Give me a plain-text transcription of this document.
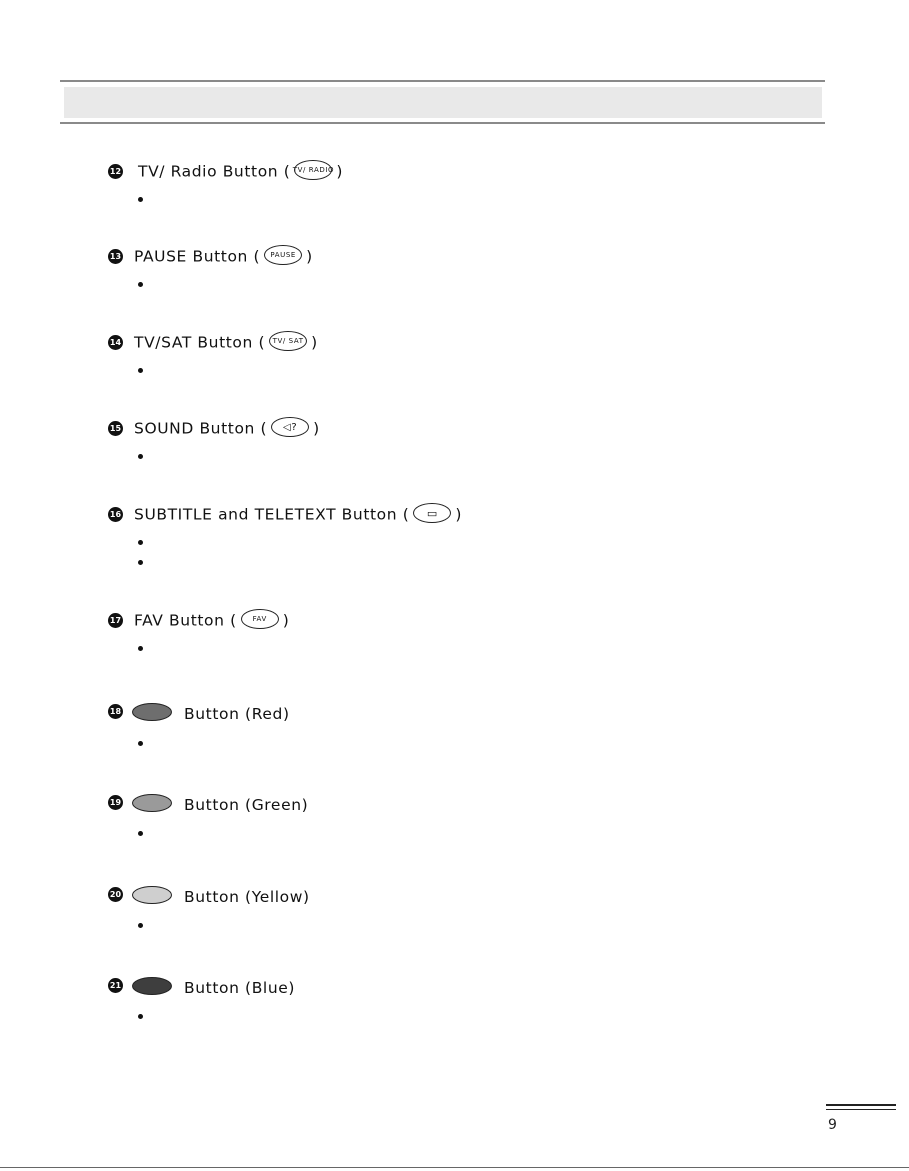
12 TV/ Radio Button ( TV/ RADIO )
13 PAUSE Button ( PAUSE )
14 TV/SAT Button ( TV/ SAT )
15 SOUND Button ( ◁? )
16 SUBTITLE and TELETEXT Button ( ▭ )
17 FAV Button ( FAV )
18	Button (Red)
19	Button (Green)
20	Button (Yellow)
21	Button (Blue)
9
